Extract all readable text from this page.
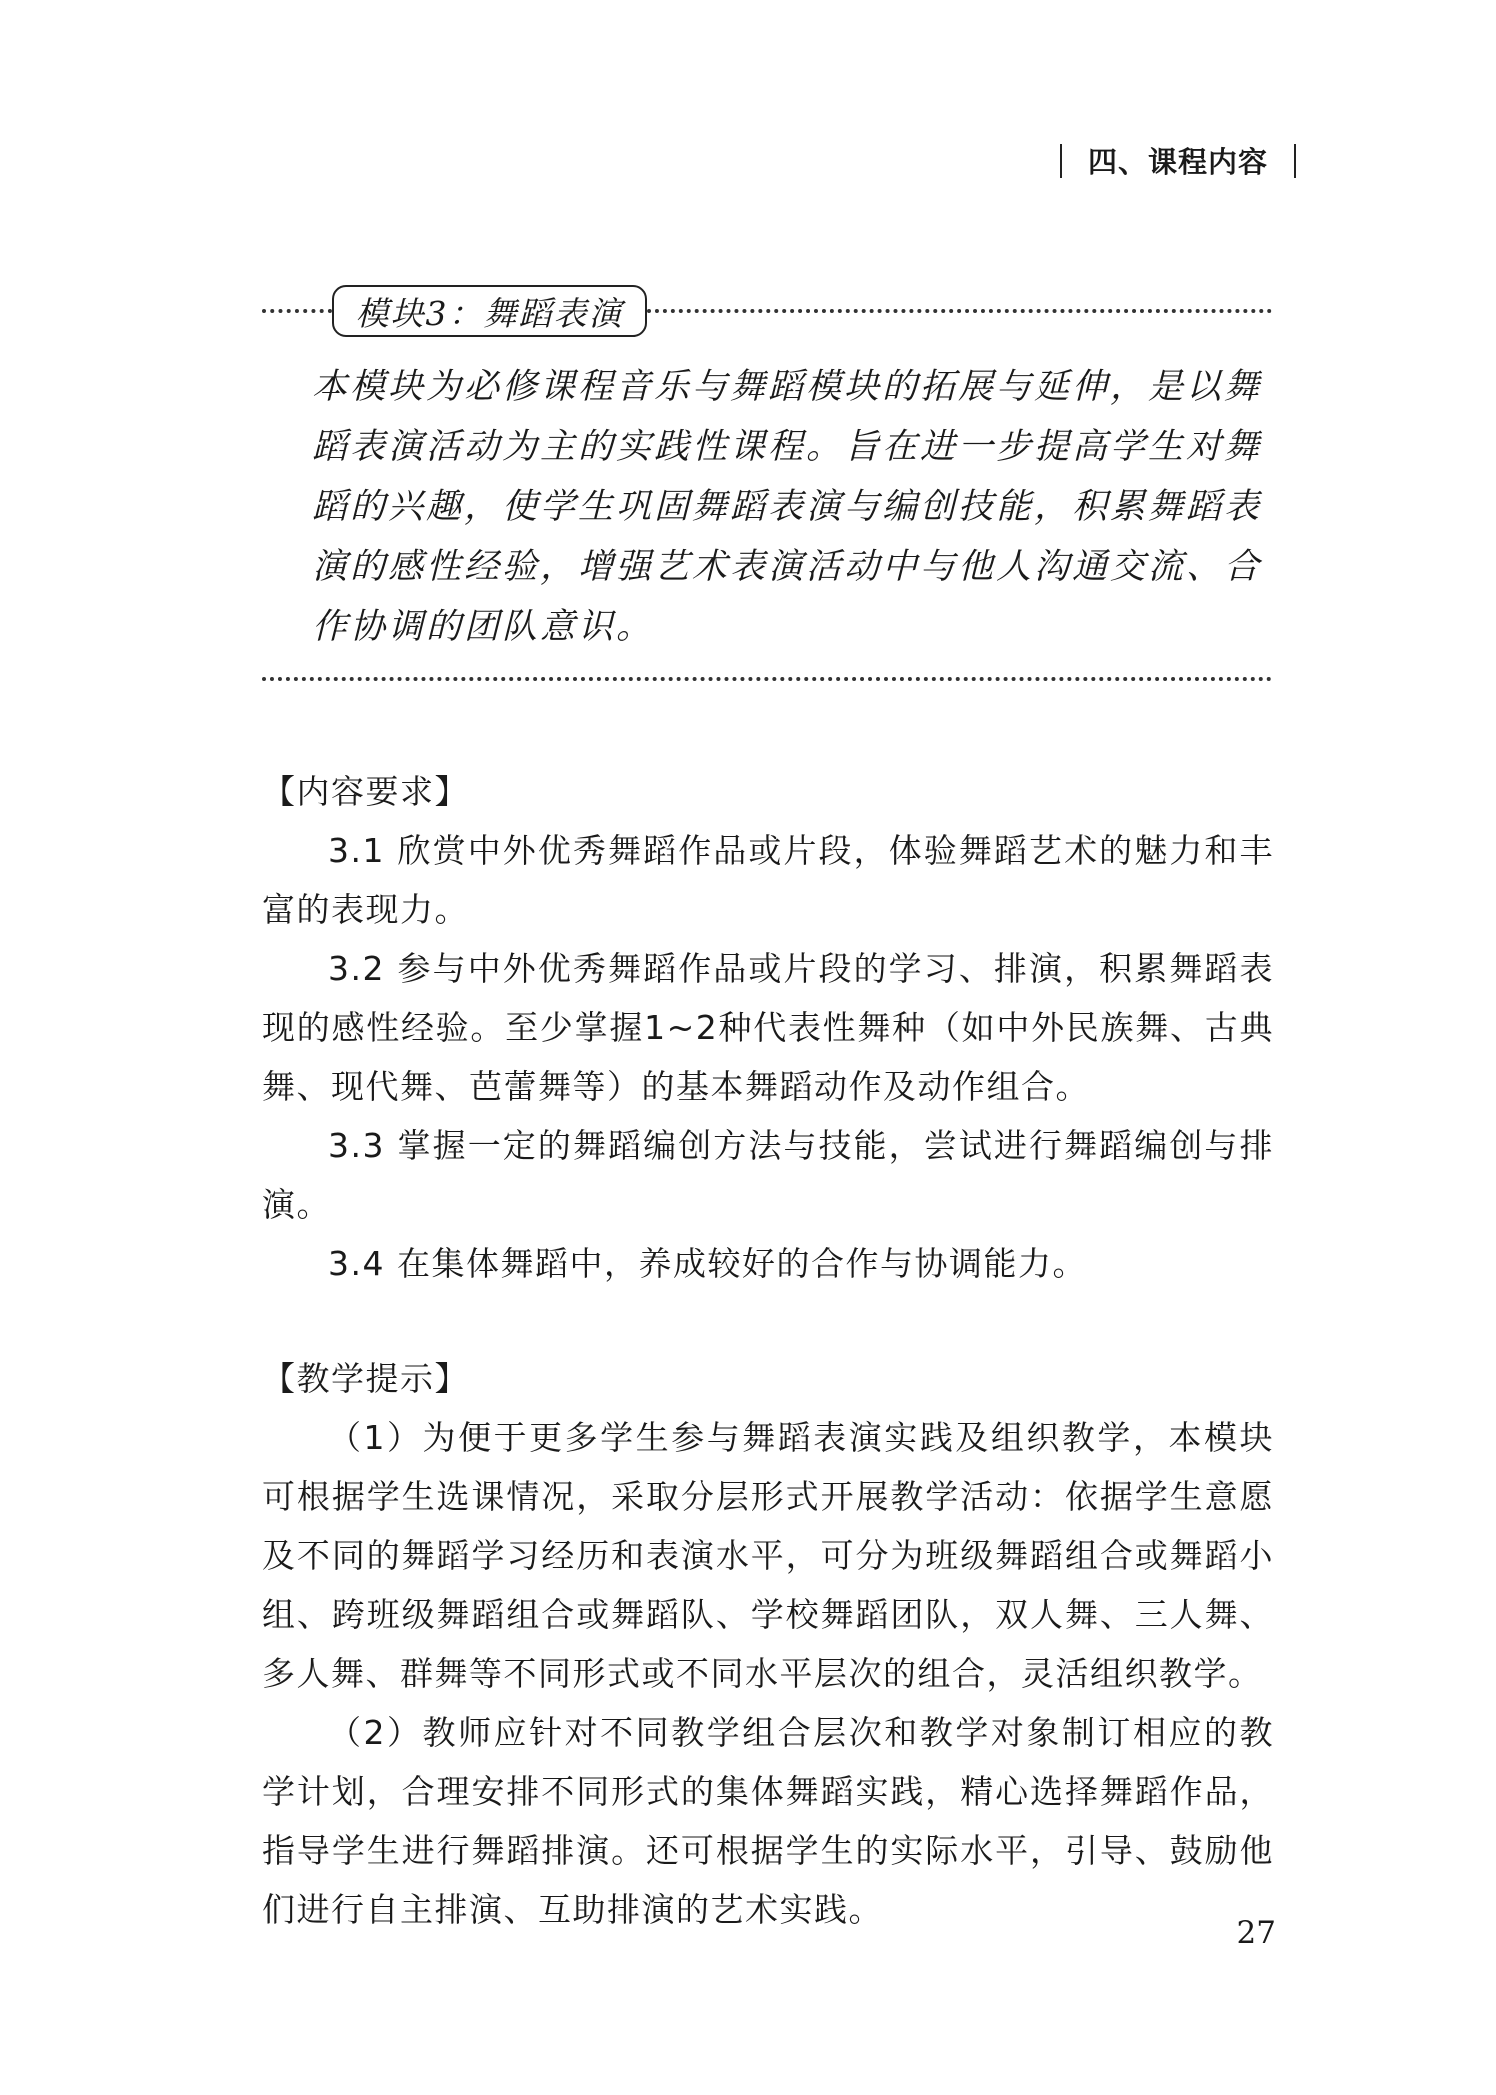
四、课程内容
模块3：舞蹈表演

本模块为必修课程音乐与舞蹈模块的拓展与延伸，是以舞蹈表演活动为主的实践性课程。旨在进一步提高学生对舞蹈的兴趣，使学生巩固舞蹈表演与编创技能，积累舞蹈表演的感性经验，增强艺术表演活动中与他人沟通交流、合作协调的团队意识。

【内容要求】

3.1 欣赏中外优秀舞蹈作品或片段，体验舞蹈艺术的魅力和丰富的表现力。

3.2 参与中外优秀舞蹈作品或片段的学习、排演，积累舞蹈表现的感性经验。至少掌握1~2种代表性舞种（如中外民族舞、古典舞、现代舞、芭蕾舞等）的基本舞蹈动作及动作组合。

3.3 掌握一定的舞蹈编创方法与技能，尝试进行舞蹈编创与排演。

3.4 在集体舞蹈中，养成较好的合作与协调能力。

【教学提示】

（1）为便于更多学生参与舞蹈表演实践及组织教学，本模块可根据学生选课情况，采取分层形式开展教学活动：依据学生意愿及不同的舞蹈学习经历和表演水平，可分为班级舞蹈组合或舞蹈小组、跨班级舞蹈组合或舞蹈队、学校舞蹈团队，双人舞、三人舞、多人舞、群舞等不同形式或不同水平层次的组合，灵活组织教学。

（2）教师应针对不同教学组合层次和教学对象制订相应的教学计划，合理安排不同形式的集体舞蹈实践，精心选择舞蹈作品，指导学生进行舞蹈排演。还可根据学生的实际水平，引导、鼓励他们进行自主排演、互助排演的艺术实践。

27
